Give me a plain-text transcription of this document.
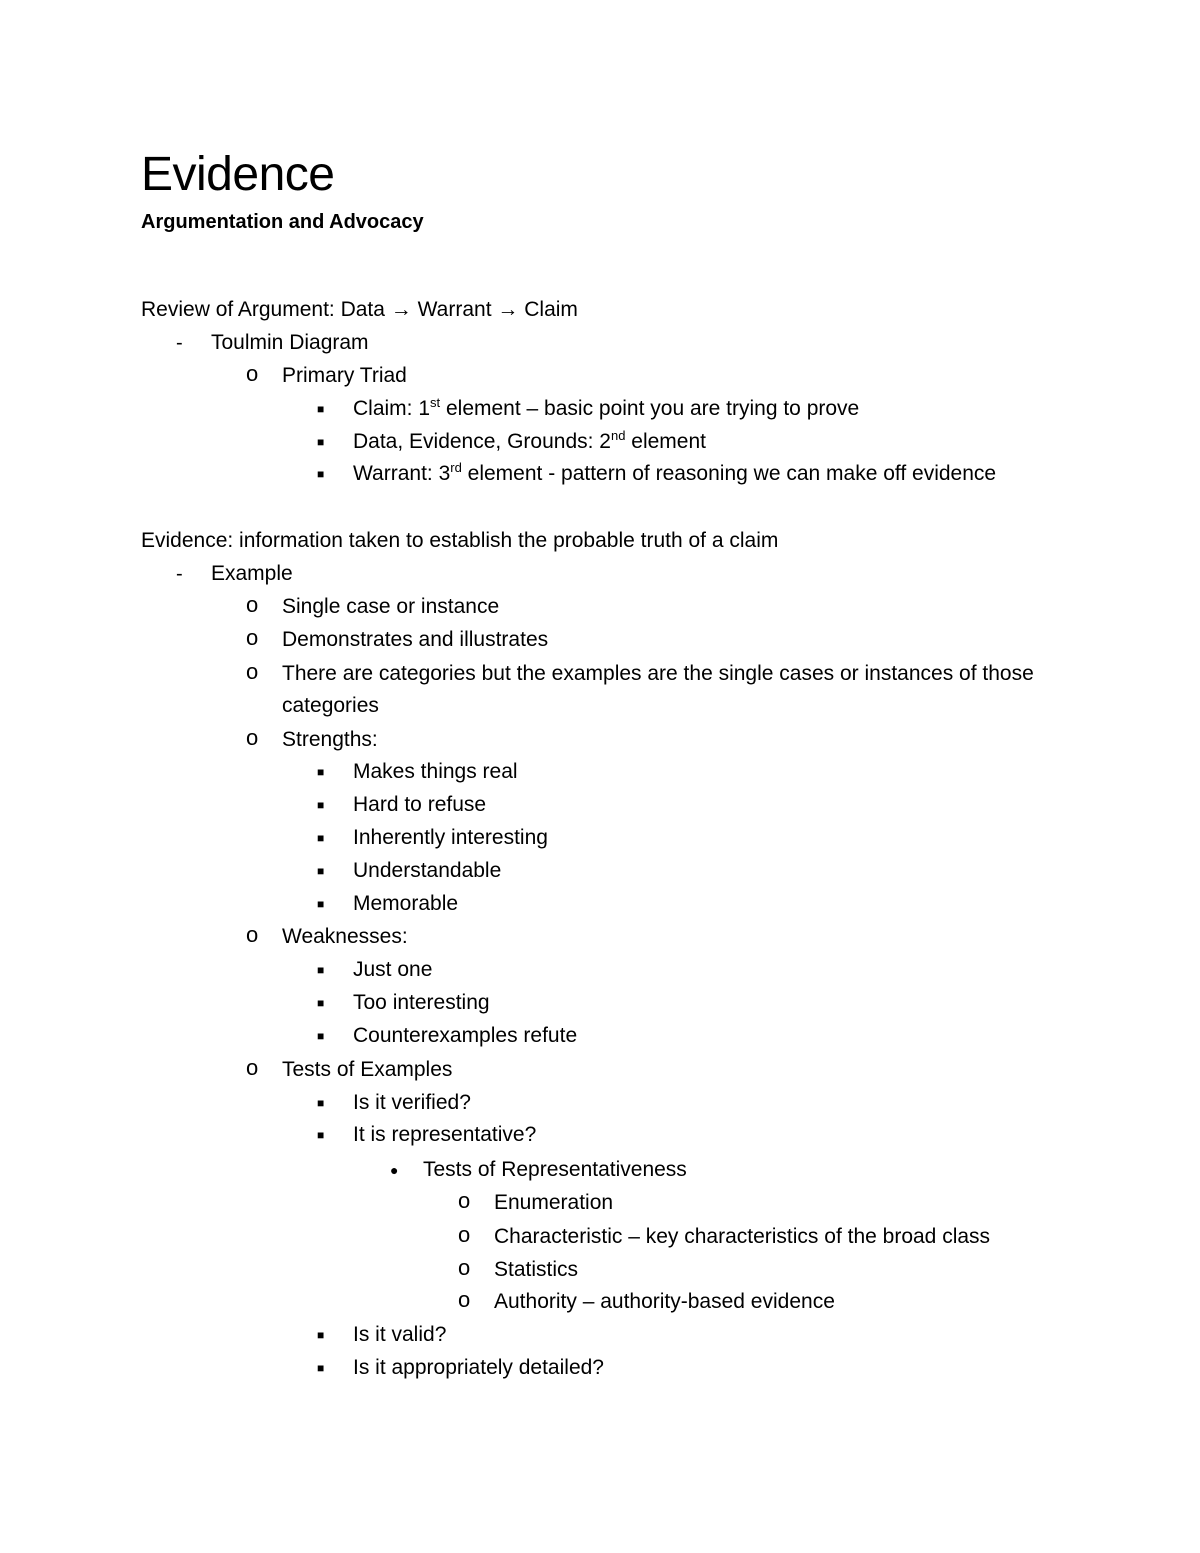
Evidence
Argumentation and Advocacy
Review of Argument: Data → Warrant → Claim
- Toulmin Diagram
o Primary Triad
■ Claim: 1st element – basic point you are trying to prove
■ Data, Evidence, Grounds: 2nd element
■ Warrant: 3rd element - pattern of reasoning we can make off evidence
Evidence: information taken to establish the probable truth of a claim
- Example
o Single case or instance
o Demonstrates and illustrates
o There are categories but the examples are the single cases or instances of those
categories
o Strengths:
■ Makes things real
■ Hard to refuse
■ Inherently interesting
■ Understandable
■ Memorable
o Weaknesses:
■ Just one
■ Too interesting
■ Counterexamples refute
o Tests of Examples
■ Is it verified?
■ It is representative?
● Tests of Representativeness
o Enumeration
o Characteristic – key characteristics of the broad class
o Statistics
o Authority – authority-based evidence
■ Is it valid?
■ Is it appropriately detailed?
